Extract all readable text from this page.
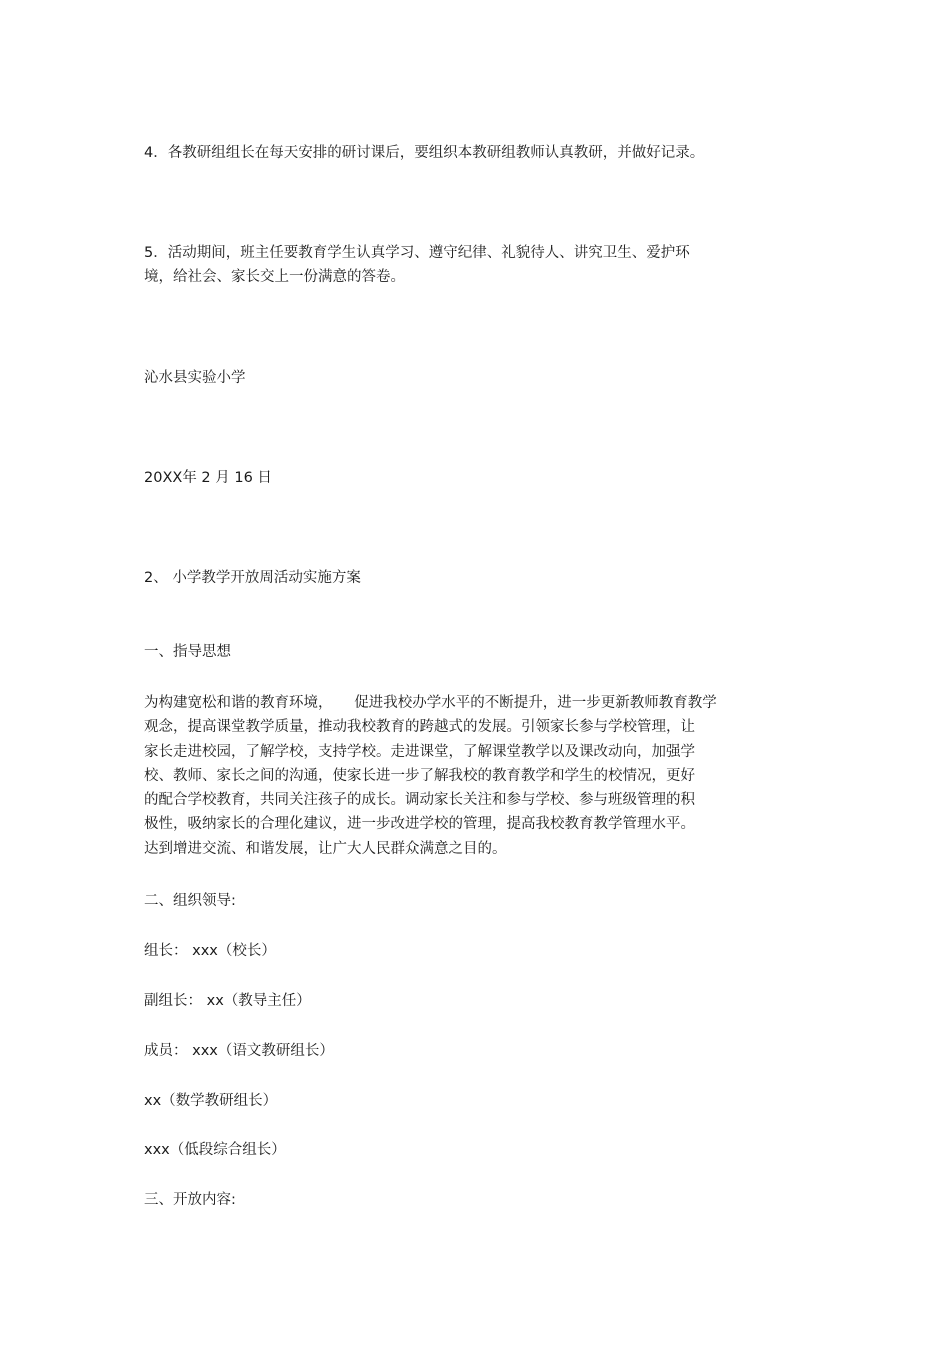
4．各教研组组长在每天安排的研讨课后，要组织本教研组教师认真教研，并做好记录。
5．活动期间，班主任要教育学生认真学习、遵守纪律、礼貌待人、讲究卫生、爱护环
境，给社会、家长交上一份满意的答卷。
沁水县实验小学
20XX年 2 月 16 日
2、 小学教学开放周活动实施方案
一、指导思想
为构建宽松和谐的教育环境，　　促进我校办学水平的不断提升，进一步更新教师教育教学
观念，提高课堂教学质量，推动我校教育的跨越式的发展。引领家长参与学校管理，让
家长走进校园，了解学校，支持学校。走进课堂，了解课堂教学以及课改动向，加强学
校、教师、家长之间的沟通，使家长进一步了解我校的教育教学和学生的校情况，更好
的配合学校教育，共同关注孩子的成长。调动家长关注和参与学校、参与班级管理的积
极性，吸纳家长的合理化建议，进一步改进学校的管理，提高我校教育教学管理水平。
达到增进交流、和谐发展，让广大人民群众满意之目的。
二、组织领导:
组长： xxx（校长）
副组长： xx（教导主任）
成员： xxx（语文教研组长）
xx（数学教研组长）
xxx（低段综合组长）
三、开放内容:
